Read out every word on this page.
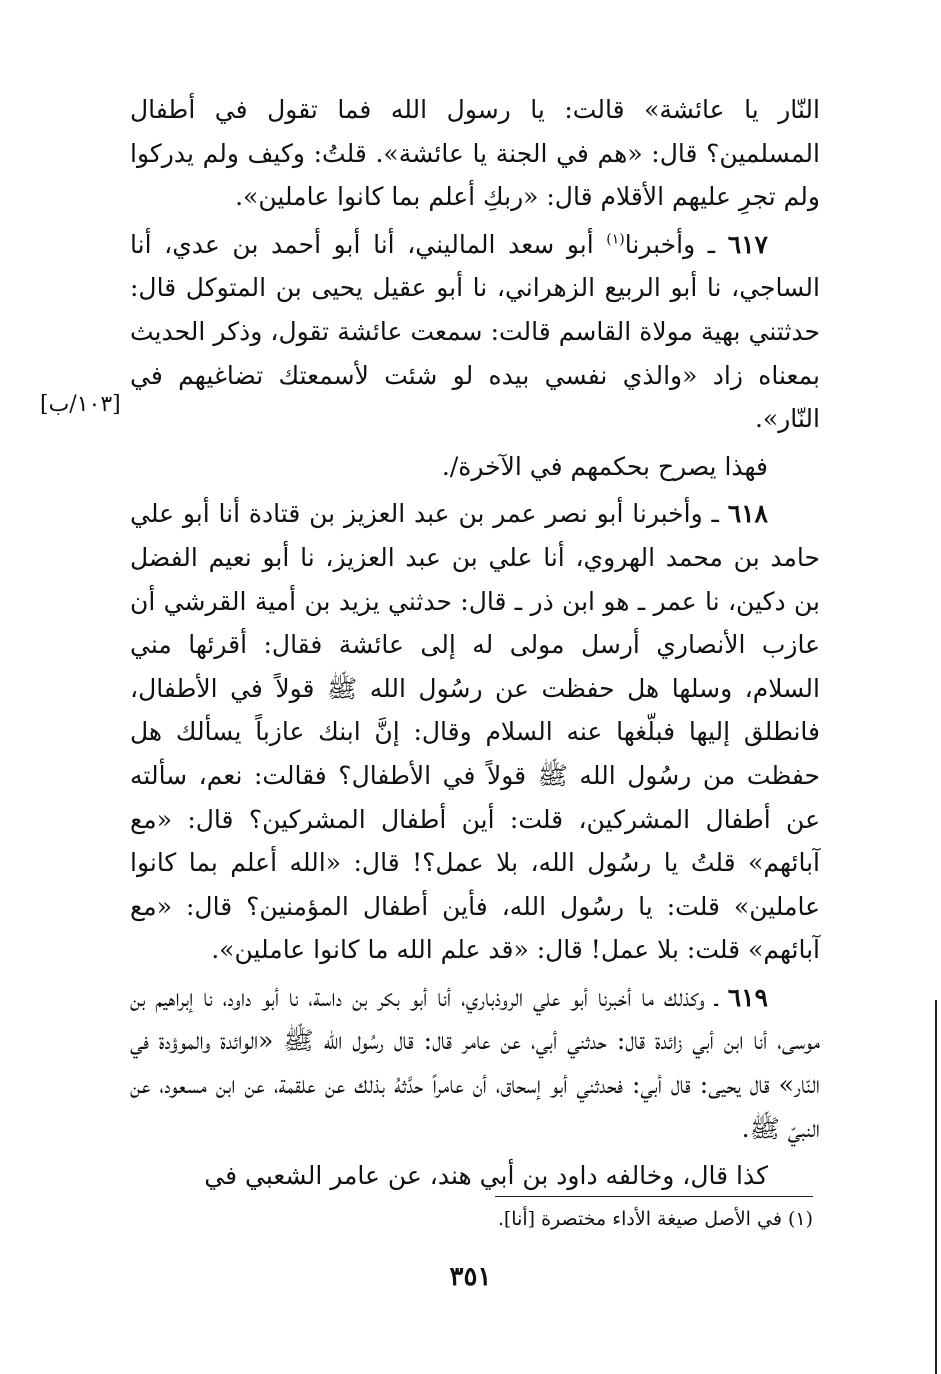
النّار يا عائشة» قالت: يا رسول الله فما تقول في أطفال المسلمين؟ قال: «هم في الجنة يا عائشة». قلتُ: وكيف ولم يدركوا ولم تجرِ عليهم الأقلام قال: «ربكِ أعلم بما كانوا عاملين».

٦١٧ ـ وأخبرنا$^{(١)}$ أبو سعد الماليني، أنا أبو أحمد بن عدي، أنا الساجي، نا أبو الربيع الزهراني، نا أبو عقيل يحيى بن المتوكل قال: حدثتني بهية مولاة القاسم قالت: سمعت عائشة تقول، وذكر الحديث بمعناه زاد «والذي نفسي بيده لو شئت لأسمعتك تضاغيهم في النّار».

فهذا يصرح بحكمهم في الآخرة/.

٦١٨ ـ وأخبرنا أبو نصر عمر بن عبد العزيز بن قتادة أنا أبو علي حامد بن محمد الهروي، أنا علي بن عبد العزيز، نا أبو نعيم الفضل بن دكين، نا عمر ـ هو ابن ذر ـ قال: حدثني يزيد بن أمية القرشي أن عازب الأنصاري أرسل مولى له إلى عائشة فقال: أقرئها مني السلام، وسلها هل حفظت عن رسُول الله ﷺ قولاً في الأطفال، فانطلق إليها فبلّغها عنه السلام وقال: إنَّ ابنك عازباً يسألك هل حفظت من رسُول الله ﷺ قولاً في الأطفال؟ فقالت: نعم، سألته عن أطفال المشركين، قلت: أين أطفال المشركين؟ قال: «مع آبائهم» قلتُ يا رسُول الله، بلا عمل؟! قال: «الله أعلم بما كانوا عاملين» قلت: يا رسُول الله، فأين أطفال المؤمنين؟ قال: «مع آبائهم» قلت: بلا عمل! قال: «قد علم الله ما كانوا عاملين».

٦١٩ ـ وكذلك ما أخبرنا أبو علي الروذباري، أنا أبو بكر بن داسة، نا أبو داود، نا إبراهيم بن موسى، أنا ابن أبي زائدة قال: حدثني أبي، عن عامر قال: قال رسُول الله ﷺ «الوائدة والموؤدة في النّار» قال يحيى: قال أبي: فحدثني أبو إسحاق، أن عامراً حدَّثهُ بذلك عن علقمة، عن ابن مسعود، عن النبيّ ﷺ.

كذا قال، وخالفه داود بن أبي هند، عن عامر الشعبي في

[١٠٣/ب]
(١) في الأصل صيغة الأداء مختصرة [أنا].
٣٥١
